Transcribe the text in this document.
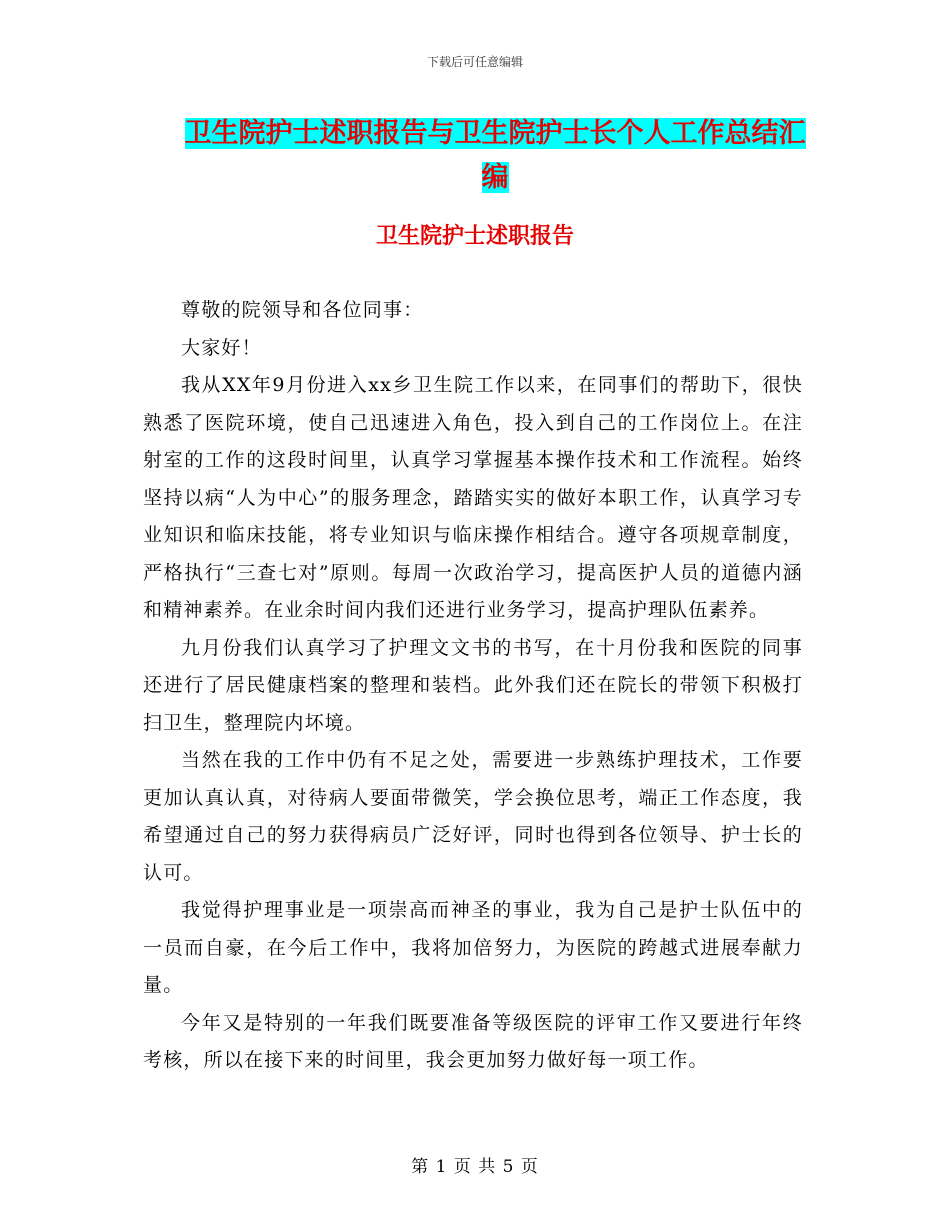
下载后可任意编辑
卫生院护士述职报告与卫生院护士长个人工作总结汇编
卫生院护士述职报告

尊敬的院领导和各位同事：

大家好！

我从XX年9月份进入xx乡卫生院工作以来，在同事们的帮助下，很快熟悉了医院环境，使自己迅速进入角色，投入到自己的工作岗位上。在注射室的工作的这段时间里，认真学习掌握基本操作技术和工作流程。始终坚持以病“人为中心”的服务理念，踏踏实实的做好本职工作，认真学习专业知识和临床技能，将专业知识与临床操作相结合。遵守各项规章制度，严格执行“三查七对”原则。每周一次政治学习，提高医护人员的道德内涵和精神素养。在业余时间内我们还进行业务学习，提高护理队伍素养。

九月份我们认真学习了护理文文书的书写，在十月份我和医院的同事还进行了居民健康档案的整理和装档。此外我们还在院长的带领下积极打扫卫生，整理院内坏境。

当然在我的工作中仍有不足之处，需要进一步熟练护理技术，工作要更加认真认真，对待病人要面带微笑，学会换位思考，端正工作态度，我希望通过自己的努力获得病员广泛好评，同时也得到各位领导、护士长的认可。

我觉得护理事业是一项崇高而神圣的事业，我为自己是护士队伍中的一员而自豪，在今后工作中，我将加倍努力，为医院的跨越式进展奉献力量。

今年又是特别的一年我们既要准备等级医院的评审工作又要进行年终考核，所以在接下来的时间里，我会更加努力做好每一项工作。

第 1 页 共 5 页
